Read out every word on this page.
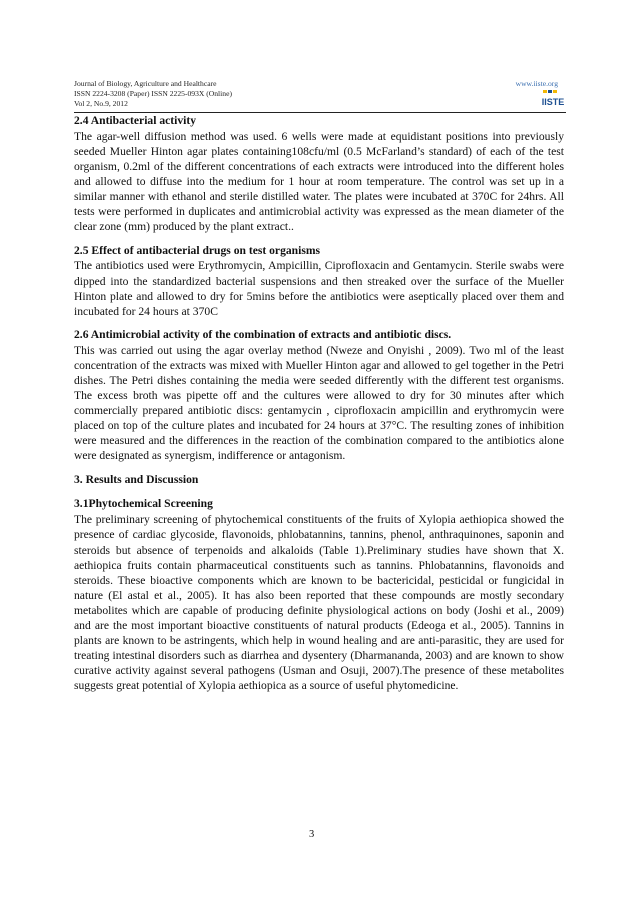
Journal of Biology, Agriculture and Healthcare
ISSN 2224-3208 (Paper) ISSN 2225-093X (Online)
Vol 2, No.9, 2012
www.iiste.org
IISTE

2.4 Antibacterial activity

The agar-well diffusion method was used. 6 wells were made at equidistant positions into previously seeded Mueller Hinton agar plates containing108cfu/ml (0.5 McFarland’s standard) of each of the test organism, 0.2ml of the different concentrations of each extracts were introduced into the different holes and allowed to diffuse into the medium for 1 hour at room temperature. The control was set up in a similar manner with ethanol and sterile distilled water. The plates were incubated at 370C for 24hrs. All tests were performed in duplicates and antimicrobial activity was expressed as the mean diameter of the clear zone (mm) produced by the plant extract..

2.5 Effect of antibacterial drugs on test organisms

The antibiotics used were Erythromycin, Ampicillin, Ciprofloxacin and Gentamycin. Sterile swabs were dipped into the standardized bacterial suspensions and then streaked over the surface of the Mueller Hinton plate and allowed to dry for 5mins before the antibiotics were aseptically placed over them and incubated for 24 hours at 370C

2.6 Antimicrobial activity of the combination of extracts and antibiotic discs.

This was carried out using the agar overlay method (Nweze and Onyishi , 2009). Two ml of the least concentration of the extracts was mixed with Mueller Hinton agar and allowed to gel together in the Petri dishes. The Petri dishes containing the media were seeded differently with the different test organisms. The excess broth was pipette off and the cultures were allowed to dry for 30 minutes after which commercially prepared antibiotic discs: gentamycin , ciprofloxacin ampicillin and erythromycin were placed on top of the culture plates and incubated for 24 hours at 37°C. The resulting zones of inhibition were measured and the differences in the reaction of the combination compared to the antibiotics alone were designated as synergism, indifference or antagonism.

3. Results and Discussion

3.1Phytochemical Screening

The preliminary screening of phytochemical constituents of the fruits of Xylopia aethiopica showed the presence of cardiac glycoside, flavonoids, phlobatannins, tannins, phenol, anthraquinones, saponin and steroids but absence of terpenoids and alkaloids (Table 1).Preliminary studies have shown that X. aethiopica fruits contain pharmaceutical constituents such as tannins. Phlobatannins, flavonoids and steroids. These bioactive components which are known to be bactericidal, pesticidal or fungicidal in nature (El astal et al., 2005). It has also been reported that these compounds are mostly secondary metabolites which are capable of producing definite physiological actions on body (Joshi et al., 2009) and are the most important bioactive constituents of natural products (Edeoga et al., 2005). Tannins in plants are known to be astringents, which help in wound healing and are anti-parasitic, they are used for treating intestinal disorders such as diarrhea and dysentery (Dharmananda, 2003) and are known to show curative activity against several pathogens (Usman and Osuji, 2007).The presence of these metabolites suggests great potential of Xylopia aethiopica as a source of useful phytomedicine.

3
